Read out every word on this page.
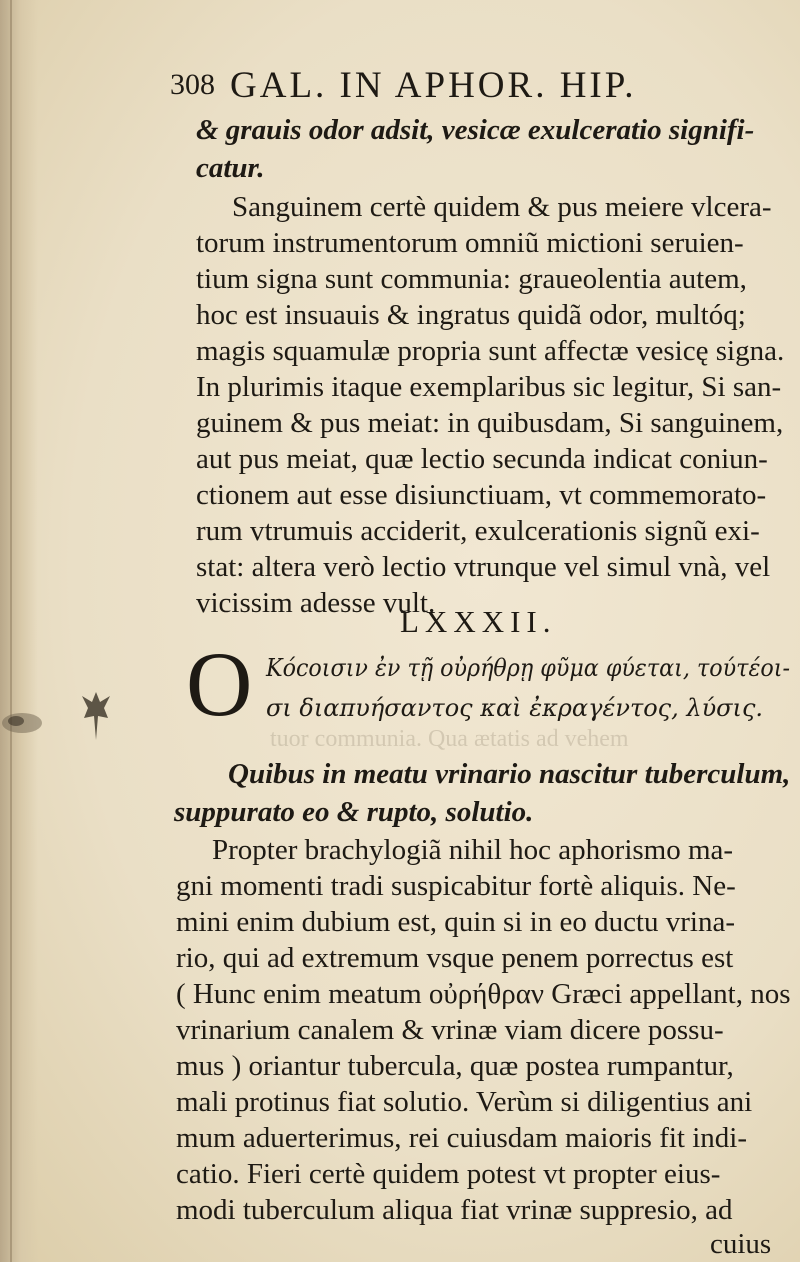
308 GAL. IN APHOR. HIP.
& grauis odor adsit, vesicæ exulceratio signifi-
catur.
Sanguinem certè quidem & pus meiere vlcera-
torum instrumentorum omniũ mictioni seruien-
tium signa sunt communia: graueolentia autem,
hoc est insuauis & ingratus quidã odor, multóq;
magis squamulæ propria sunt affectæ vesicę signa.
In plurimis itaque exemplaribus sic legitur, Si san-
guinem & pus meiat: in quibusdam, Si sanguinem,
aut pus meiat, quæ lectio secunda indicat coniun-
ctionem aut esse disiunctiuam, vt commemorato-
rum vtrumuis acciderit, exulcerationis signũ exi-
stat: altera verò lectio vtrunque vel simul vnà, vel
vicissim adesse vult.
LXXXII.
O Κόϲοισιν ἐν τῇ οὐρήθρῃ φῦμα φύεται, τούτέοι-
σι διαπυήσαντος καὶ ἐκραγέντος, λύσις.
tuor communia. Qua ætatis ad vehem
Quibus in meatu vrinario nascitur tuberculum,
suppurato eo & rupto, solutio.
Propter brachylogiã nihil hoc aphorismo ma-
gni momenti tradi suspicabitur fortè aliquis. Ne-
mini enim dubium est, quin si in eo ductu vrina-
rio, qui ad extremum vsque penem porrectus est
( Hunc enim meatum οὐρήθραν Græci appellant, nos
vrinarium canalem & vrinæ viam dicere possu-
mus ) oriantur tubercula, quæ postea rumpantur,
mali protinus fiat solutio. Verùm si diligentius ani
mum aduerterimus, rei cuiusdam maioris fit indi-
catio. Fieri certè quidem potest vt propter eius-
modi tuberculum aliqua fiat vrinæ suppresio, ad
cuius
